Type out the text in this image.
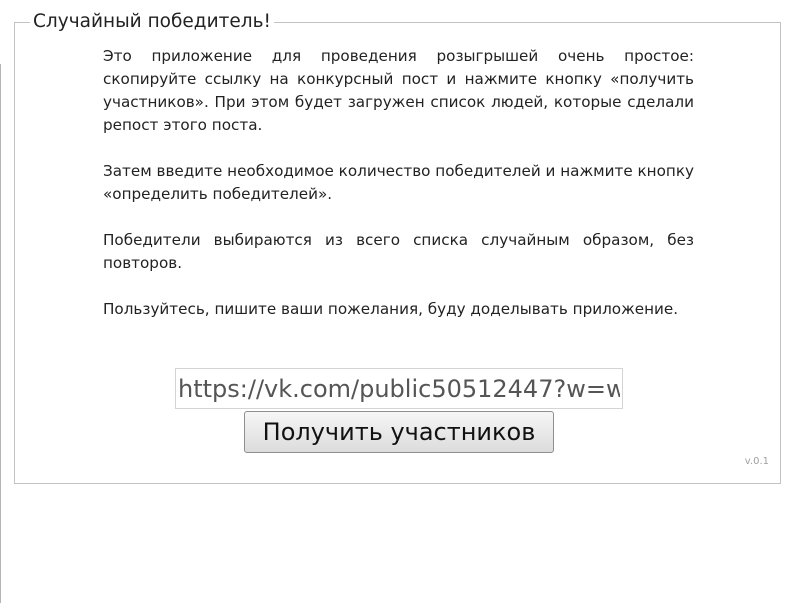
Случайный победитель!

Это приложение для проведения розыгрышей очень простое: скопируйте ссылку на конкурсный пост и нажмите кнопку «получить участников». При этом будет загружен список людей, которые сделали репост этого поста.

Затем введите необходимое количество победителей и нажмите кнопку «определить победителей».

Победители выбираются из всего списка случайным образом, без повторов.

Пользуйтесь, пишите ваши пожелания, буду доделывать приложение.

https://vk.com/public50512447?w=wall
Получить участников
v.0.1
